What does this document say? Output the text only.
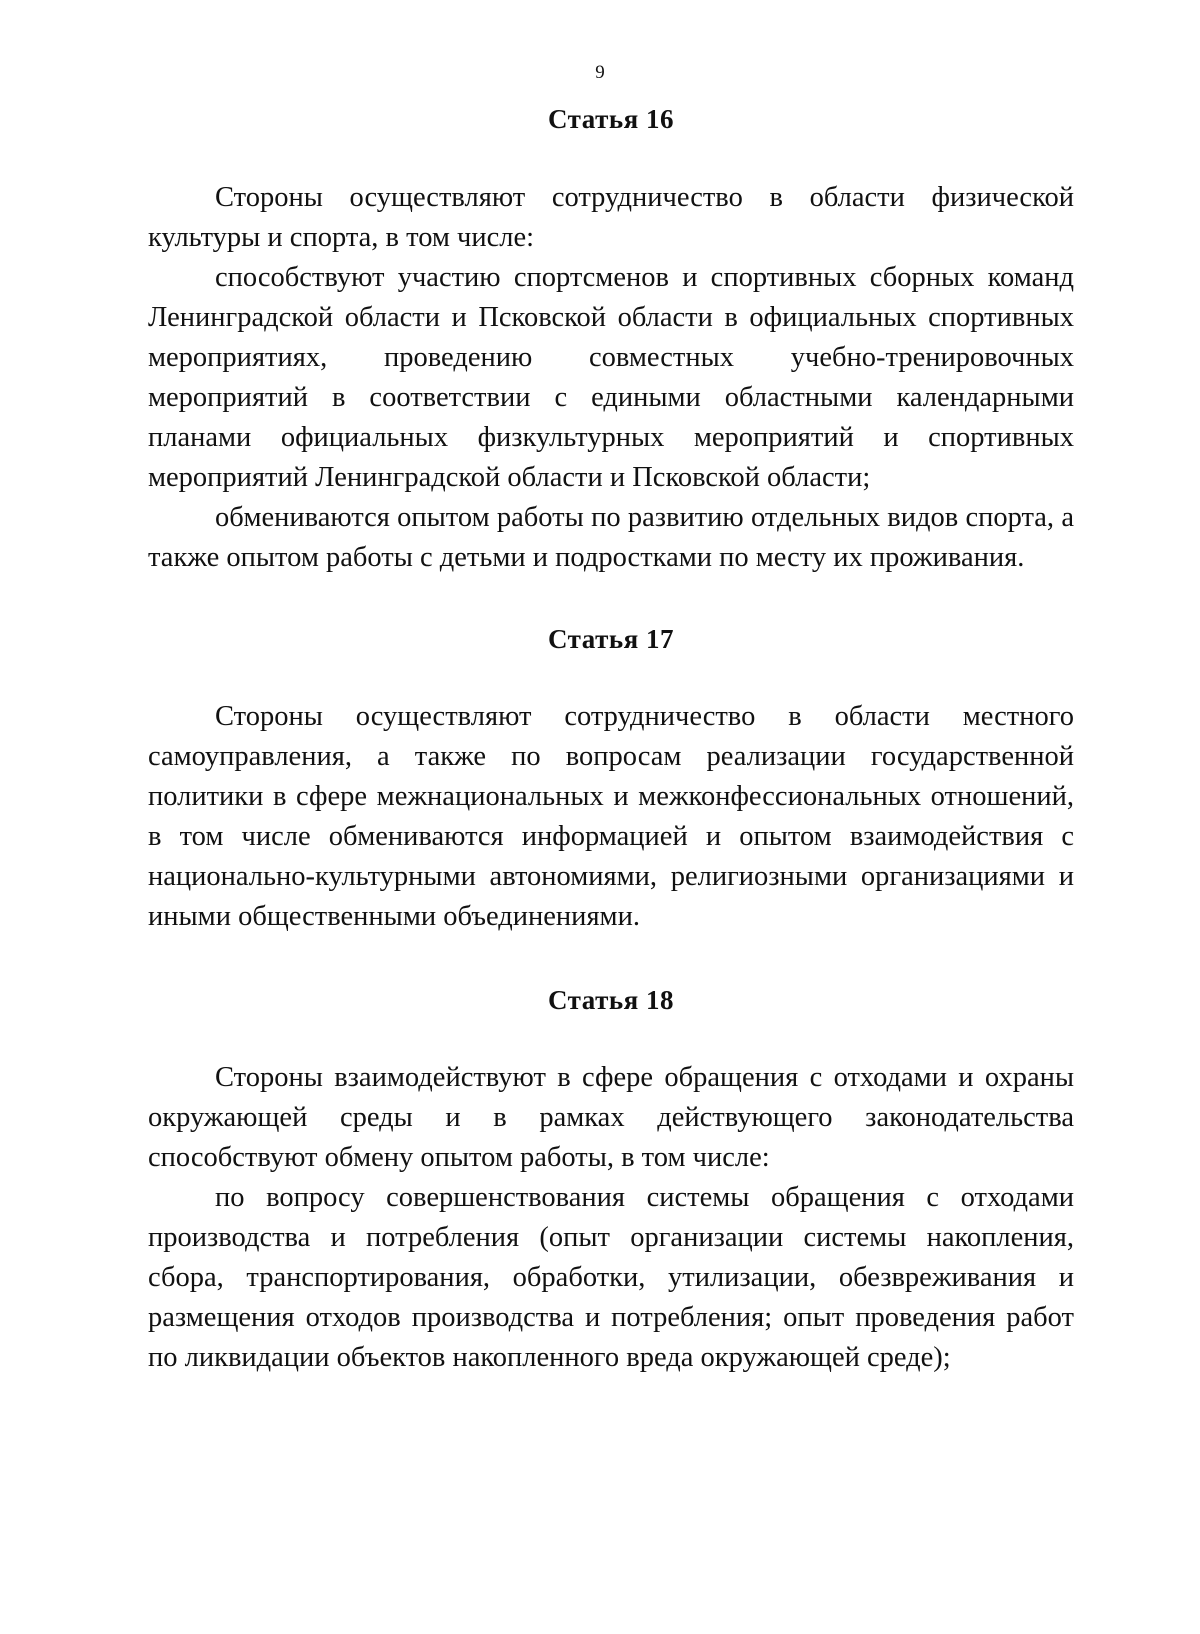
9
Статья 16

Стороны осуществляют сотрудничество в области физической культуры и спорта, в том числе:

способствуют участию спортсменов и спортивных сборных команд Ленинградской области и Псковской области в официальных спортивных мероприятиях, проведению совместных учебно-тренировочных мероприятий в соответствии с едиными областными календарными планами официальных физкультурных мероприятий и спортивных мероприятий Ленинградской области и Псковской области;

обмениваются опытом работы по развитию отдельных видов спорта, а также опытом работы с детьми и подростками по месту их проживания.

Статья 17

Стороны осуществляют сотрудничество в области местного самоуправления, а также по вопросам реализации государственной политики в сфере межнациональных и межконфессиональных отношений, в том числе обмениваются информацией и опытом взаимодействия с национально-культурными автономиями, религиозными организациями и иными общественными объединениями.

Статья 18

Стороны взаимодействуют в сфере обращения с отходами и охраны окружающей среды и в рамках действующего законодательства способствуют обмену опытом работы, в том числе:

по вопросу совершенствования системы обращения с отходами производства и потребления (опыт организации системы накопления, сбора, транспортирования, обработки, утилизации, обезвреживания и размещения отходов производства и потребления; опыт проведения работ по ликвидации объектов накопленного вреда окружающей среде);
